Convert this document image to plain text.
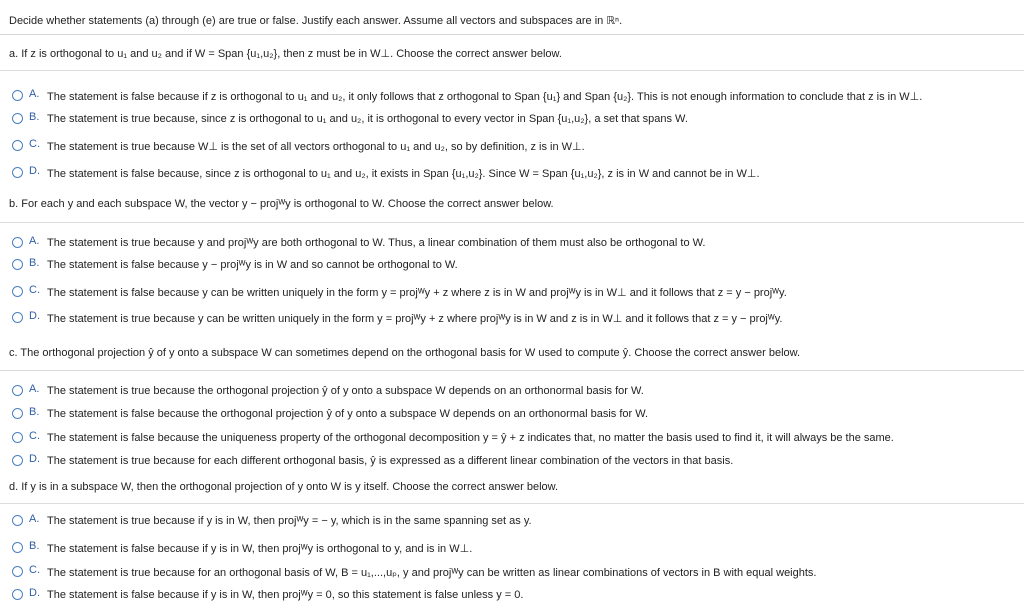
Decide whether statements (a) through (e) are true or false. Justify each answer. Assume all vectors and subspaces are in ℝⁿ.
a. If z is orthogonal to u₁ and u₂ and if W = Span {u₁,u₂}, then z must be in W⊥. Choose the correct answer below.
A. The statement is false because if z is orthogonal to u₁ and u₂, it only follows that z orthogonal to Span {u₁} and Span {u₂}. This is not enough information to conclude that z is in W⊥.
B. The statement is true because, since z is orthogonal to u₁ and u₂, it is orthogonal to every vector in Span {u₁,u₂}, a set that spans W.
C. The statement is true because W⊥ is the set of all vectors orthogonal to u₁ and u₂, so by definition, z is in W⊥.
D. The statement is false because, since z is orthogonal to u₁ and u₂, it exists in Span {u₁,u₂}. Since W = Span {u₁,u₂}, z is in W and cannot be in W⊥.
b. For each y and each subspace W, the vector y − projᵂy is orthogonal to W. Choose the correct answer below.
A. The statement is true because y and projᵂy are both orthogonal to W. Thus, a linear combination of them must also be orthogonal to W.
B. The statement is false because y − projᵂy is in W and so cannot be orthogonal to W.
C. The statement is false because y can be written uniquely in the form y = projᵂy + z where z is in W and projᵂy is in W⊥ and it follows that z = y − projᵂy.
D. The statement is true because y can be written uniquely in the form y = projᵂy + z where projᵂy is in W and z is in W⊥ and it follows that z = y − projᵂy.
c. The orthogonal projection ŷ of y onto a subspace W can sometimes depend on the orthogonal basis for W used to compute ŷ. Choose the correct answer below.
A. The statement is true because the orthogonal projection ŷ of y onto a subspace W depends on an orthonormal basis for W.
B. The statement is false because the orthogonal projection ŷ of y onto a subspace W depends on an orthonormal basis for W.
C. The statement is false because the uniqueness property of the orthogonal decomposition y = ŷ + z indicates that, no matter the basis used to find it, it will always be the same.
D. The statement is true because for each different orthogonal basis, ŷ is expressed as a different linear combination of the vectors in that basis.
d. If y is in a subspace W, then the orthogonal projection of y onto W is y itself. Choose the correct answer below.
A. The statement is true because if y is in W, then projᵂy = − y, which is in the same spanning set as y.
B. The statement is false because if y is in W, then projᵂy is orthogonal to y, and is in W⊥.
C. The statement is true because for an orthogonal basis of W, B = u₁,...,uₚ, y and projᵂy can be written as linear combinations of vectors in B with equal weights.
D. The statement is false because if y is in W, then projᵂy = 0, so this statement is false unless y = 0.
